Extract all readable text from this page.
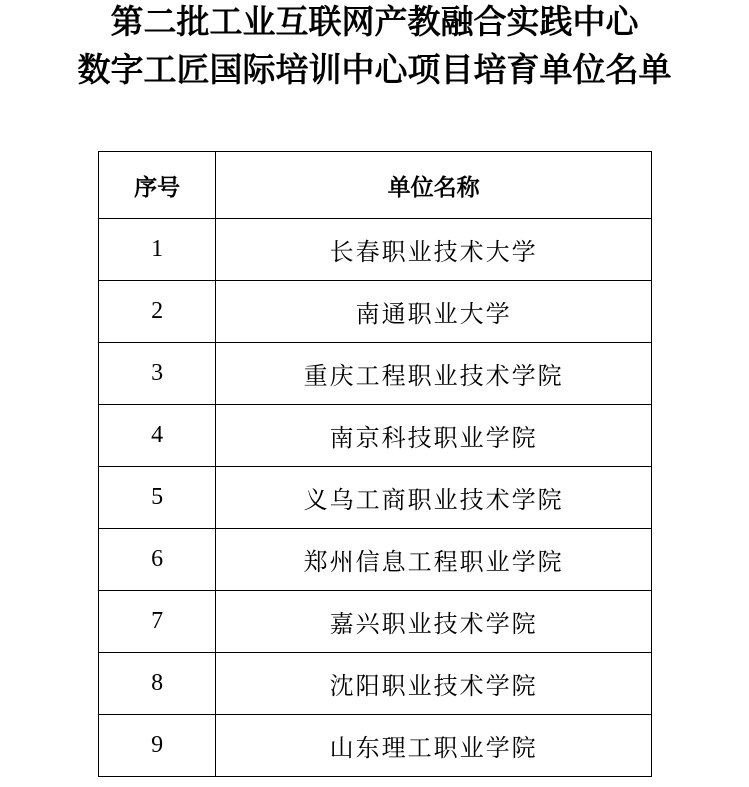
第二批工业互联网产教融合实践中心
数字工匠国际培训中心项目培育单位名单
序号	单位名称
1	长春职业技术大学
2	南通职业大学
3	重庆工程职业技术学院
4	南京科技职业学院
5	义乌工商职业技术学院
6	郑州信息工程职业学院
7	嘉兴职业技术学院
8	沈阳职业技术学院
9	山东理工职业学院
